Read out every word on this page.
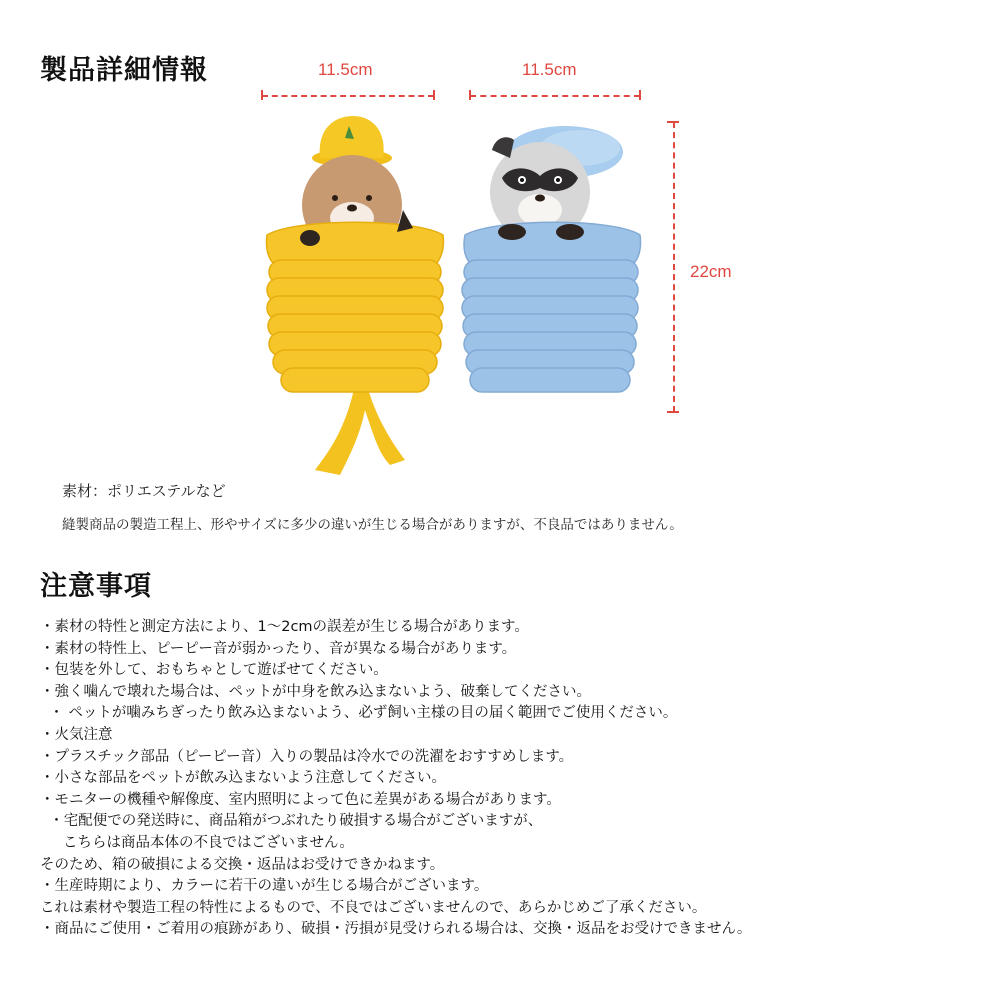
製品詳細情報	11.5cm	11.5cm
22cm
素材：ポリエステルなど
縫製商品の製造工程上、形やサイズに多少の違いが生じる場合がありますが、不良品ではありません。
注意事項
・素材の特性と測定方法により、1〜2cmの誤差が生じる場合があります。
・素材の特性上、ピーピー音が弱かったり、音が異なる場合があります。
・包装を外して、おもちゃとして遊ばせてください。
・強く噛んで壊れた場合は、ペットが中身を飲み込まないよう、破棄してください。
・ ペットが噛みちぎったり飲み込まないよう、必ず飼い主様の目の届く範囲でご使用ください。
・火気注意
・プラスチック部品（ピーピー音）入りの製品は冷水での洗濯をおすすめします。
・小さな部品をペットが飲み込まないよう注意してください。
・モニターの機種や解像度、室内照明によって色に差異がある場合があります。
・宅配便での発送時に、商品箱がつぶれたり破損する場合がございますが、
こちらは商品本体の不良ではございません。
そのため、箱の破損による交換・返品はお受けできかねます。
・生産時期により、カラーに若干の違いが生じる場合がございます。
これは素材や製造工程の特性によるもので、不良ではございませんので、あらかじめご了承ください。
・商品にご使用・ご着用の痕跡があり、破損・汚損が見受けられる場合は、交換・返品をお受けできません。
